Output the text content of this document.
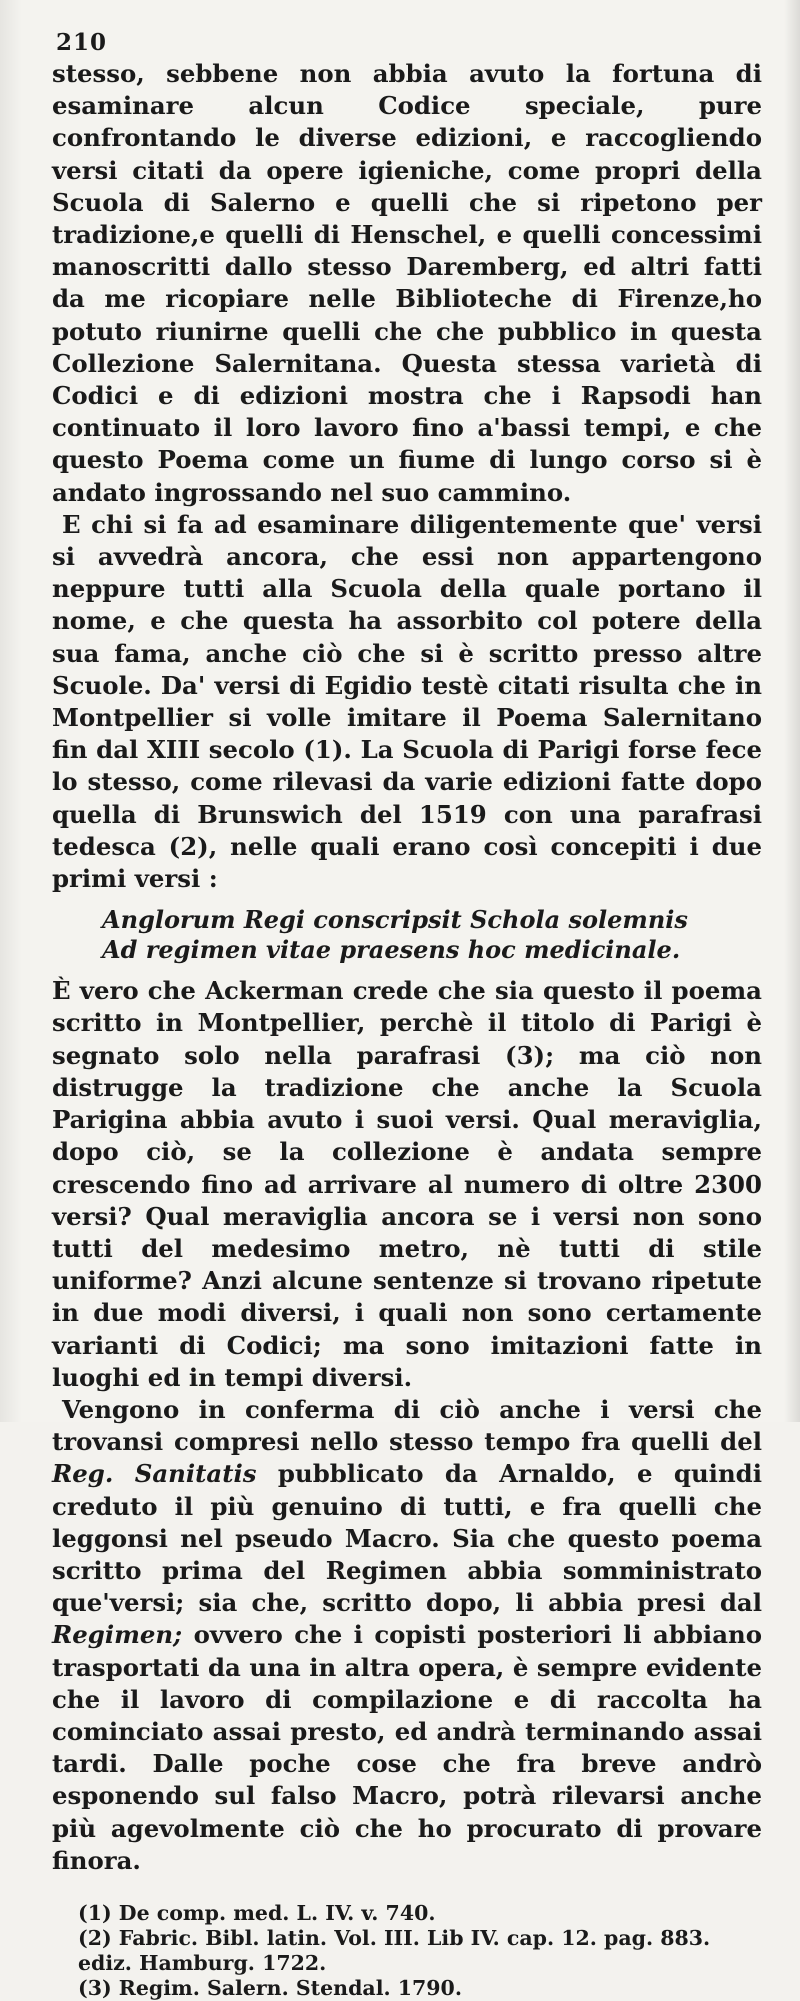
210

stesso, sebbene non abbia avuto la fortuna di esaminare alcun Codice speciale, pure confrontando le diverse edizioni, e raccogliendo versi citati da opere igieniche, come propri della Scuola di Salerno e quelli che si ripetono per tradizione,e quelli di Henschel, e quelli concessimi manoscritti dallo stesso Daremberg, ed altri fatti da me ricopiare nelle Biblioteche di Firenze,ho potuto riunirne quelli che che pubblico in questa Collezione Salernitana. Questa stessa varietà di Codici e di edizioni mostra che i Rapsodi han continuato il loro lavoro fino a'bassi tempi, e che questo Poema come un fiume di lungo corso si è andato ingrossando nel suo cammino.

E chi si fa ad esaminare diligentemente que' versi si avvedrà ancora, che essi non appartengono neppure tutti alla Scuola della quale portano il nome, e che questa ha assorbito col potere della sua fama, anche ciò che si è scritto presso altre Scuole. Da' versi di Egidio testè citati risulta che in Montpellier si volle imitare il Poema Salernitano fin dal XIII secolo (1). La Scuola di Parigi forse fece lo stesso, come rilevasi da varie edizioni fatte dopo quella di Brunswich del 1519 con una parafrasi tedesca (2), nelle quali erano così concepiti i due primi versi :

Anglorum Regi conscripsit Schola solemnis
Ad regimen vitae praesens hoc medicinale.

È vero che Ackerman crede che sia questo il poema scritto in Montpellier, perchè il titolo di Parigi è segnato solo nella parafrasi (3); ma ciò non distrugge la tradizione che anche la Scuola Parigina abbia avuto i suoi versi. Qual meraviglia, dopo ciò, se la collezione è andata sempre crescendo fino ad arrivare al numero di oltre 2300 versi? Qual meraviglia ancora se i versi non sono tutti del medesimo metro, nè tutti di stile uniforme? Anzi alcune sentenze si trovano ripetute in due modi diversi, i quali non sono certamente varianti di Codici; ma sono imitazioni fatte in luoghi ed in tempi diversi.

Vengono in conferma di ciò anche i versi che trovansi compresi nello stesso tempo fra quelli del Reg. Sanitatis pubblicato da Arnaldo, e quindi creduto il più genuino di tutti, e fra quelli che leggonsi nel pseudo Macro. Sia che questo poema scritto prima del Regimen abbia somministrato que'versi; sia che, scritto dopo, li abbia presi dal Regimen; ovvero che i copisti posteriori li abbiano trasportati da una in altra opera, è sempre evidente che il lavoro di compilazione e di raccolta ha cominciato assai presto, ed andrà terminando assai tardi. Dalle poche cose che fra breve andrò esponendo sul falso Macro, potrà rilevarsi anche più agevolmente ciò che ho procurato di provare finora.

(1) De comp. med. L. IV. v. 740.
(2) Fabric. Bibl. latin. Vol. III. Lib IV. cap. 12. pag. 883. ediz. Hamburg. 1722.
(3) Regim. Salern. Stendal. 1790.
